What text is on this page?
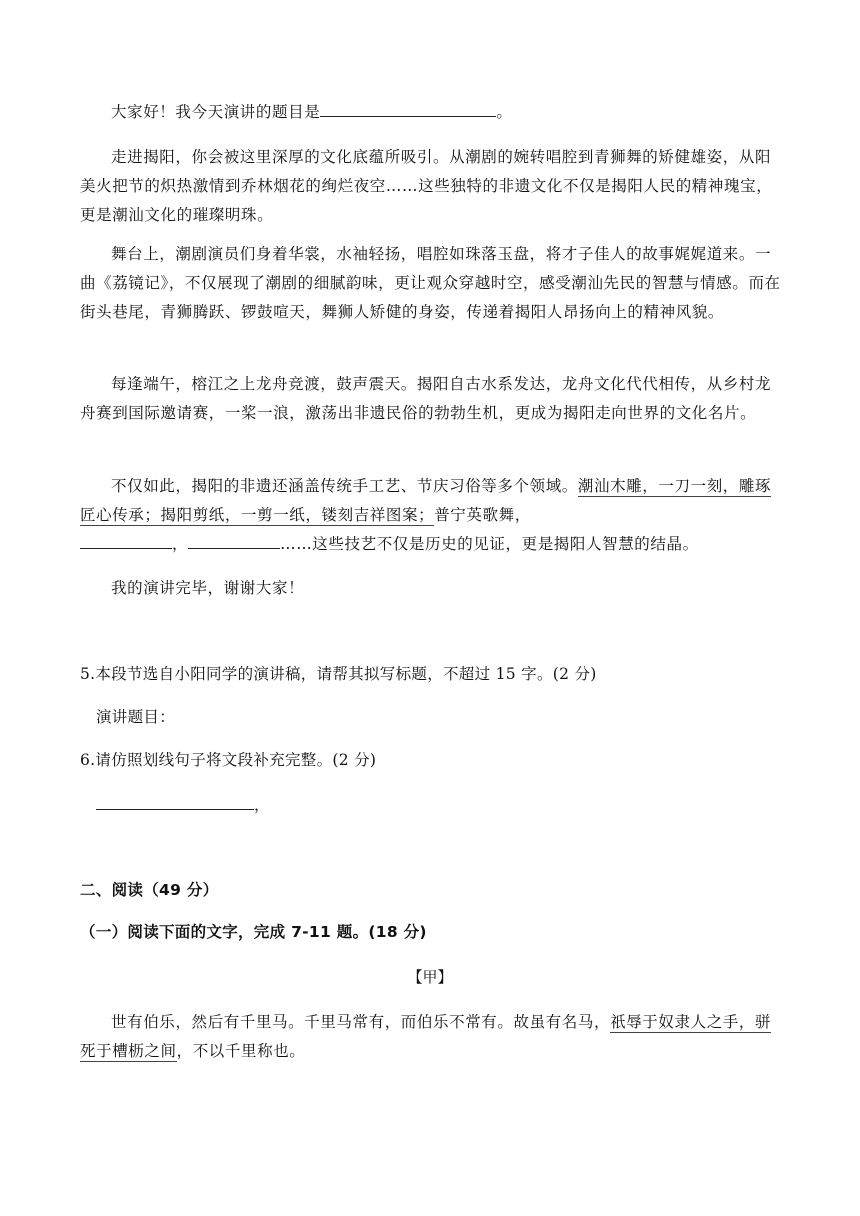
大家好！我今天演讲的题目是	。

走进揭阳，你会被这里深厚的文化底蕴所吸引。从潮剧的婉转唱腔到青狮舞的矫健雄姿，从阳美火把节的炽热激情到乔林烟花的绚烂夜空……这些独特的非遗文化不仅是揭阳人民的精神瑰宝，更是潮汕文化的璀璨明珠。

舞台上，潮剧演员们身着华裳，水袖轻扬，唱腔如珠落玉盘，将才子佳人的故事娓娓道来。一曲《荔镜记》，不仅展现了潮剧的细腻韵味，更让观众穿越时空，感受潮汕先民的智慧与情感。而在街头巷尾，青狮腾跃、锣鼓喧天，舞狮人矫健的身姿，传递着揭阳人昂扬向上的精神风貌。

每逢端午，榕江之上龙舟竞渡，鼓声震天。揭阳自古水系发达，龙舟文化代代相传，从乡村龙舟赛到国际邀请赛，一桨一浪，激荡出非遗民俗的勃勃生机，更成为揭阳走向世界的文化名片。

不仅如此，揭阳的非遗还涵盖传统手工艺、节庆习俗等多个领域。潮汕木雕，一刀一刻，雕琢匠心传承；揭阳剪纸，一剪一纸，镂刻吉祥图案；普宁英歌舞，
，	……这些技艺不仅是历史的见证，更是揭阳人智慧的结晶。

我的演讲完毕，谢谢大家！

5.本段节选自小阳同学的演讲稿，请帮其拟写标题，不超过 15 字。(2 分)

演讲题目：

6.请仿照划线句子将文段补充完整。(2 分)

，

二、阅读（49 分）

（一）阅读下面的文字，完成 7-11 题。(18 分)

【甲】

世有伯乐，然后有千里马。千里马常有，而伯乐不常有。故虽有名马，祇辱于奴隶人之手，骈死于槽枥之间，不以千里称也。
